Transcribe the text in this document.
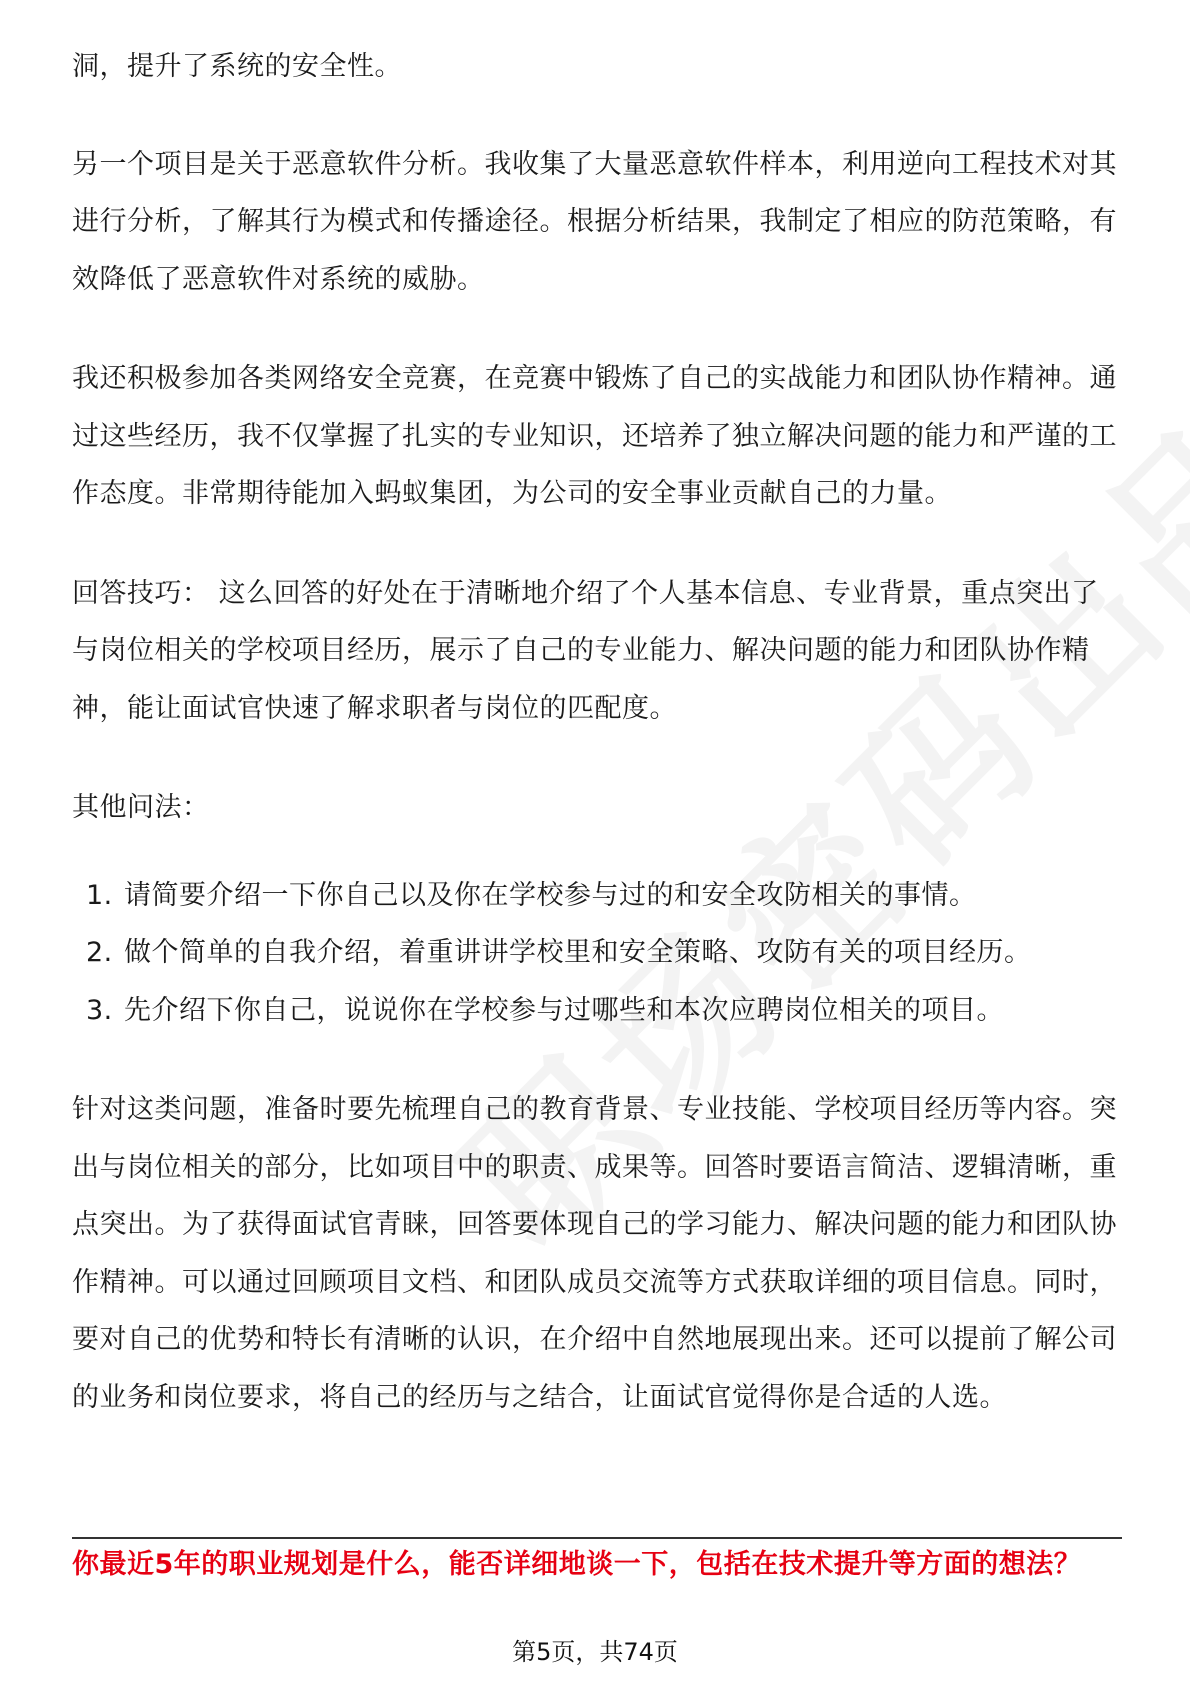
洞，提升了系统的安全性。

另一个项目是关于恶意软件分析。我收集了大量恶意软件样本，利用逆向工程技术对其进行分析，了解其行为模式和传播途径。根据分析结果，我制定了相应的防范策略，有效降低了恶意软件对系统的威胁。

我还积极参加各类网络安全竞赛，在竞赛中锻炼了自己的实战能力和团队协作精神。通过这些经历，我不仅掌握了扎实的专业知识，还培养了独立解决问题的能力和严谨的工作态度。非常期待能加入蚂蚁集团，为公司的安全事业贡献自己的力量。

回答技巧： 这么回答的好处在于清晰地介绍了个人基本信息、专业背景，重点突出了与岗位相关的学校项目经历，展示了自己的专业能力、解决问题的能力和团队协作精神，能让面试官快速了解求职者与岗位的匹配度。

其他问法：

1. 请简要介绍一下你自己以及你在学校参与过的和安全攻防相关的事情。
2. 做个简单的自我介绍，着重讲讲学校里和安全策略、攻防有关的项目经历。
3. 先介绍下你自己，说说你在学校参与过哪些和本次应聘岗位相关的项目。

针对这类问题，准备时要先梳理自己的教育背景、专业技能、学校项目经历等内容。突出与岗位相关的部分，比如项目中的职责、成果等。回答时要语言简洁、逻辑清晰，重点突出。为了获得面试官青睐，回答要体现自己的学习能力、解决问题的能力和团队协作精神。可以通过回顾项目文档、和团队成员交流等方式获取详细的项目信息。同时，要对自己的优势和特长有清晰的认识，在介绍中自然地展现出来。还可以提前了解公司的业务和岗位要求，将自己的经历与之结合，让面试官觉得你是合适的人选。

你最近5年的职业规划是什么，能否详细地谈一下，包括在技术提升等方面的想法？
第5页，共74页
